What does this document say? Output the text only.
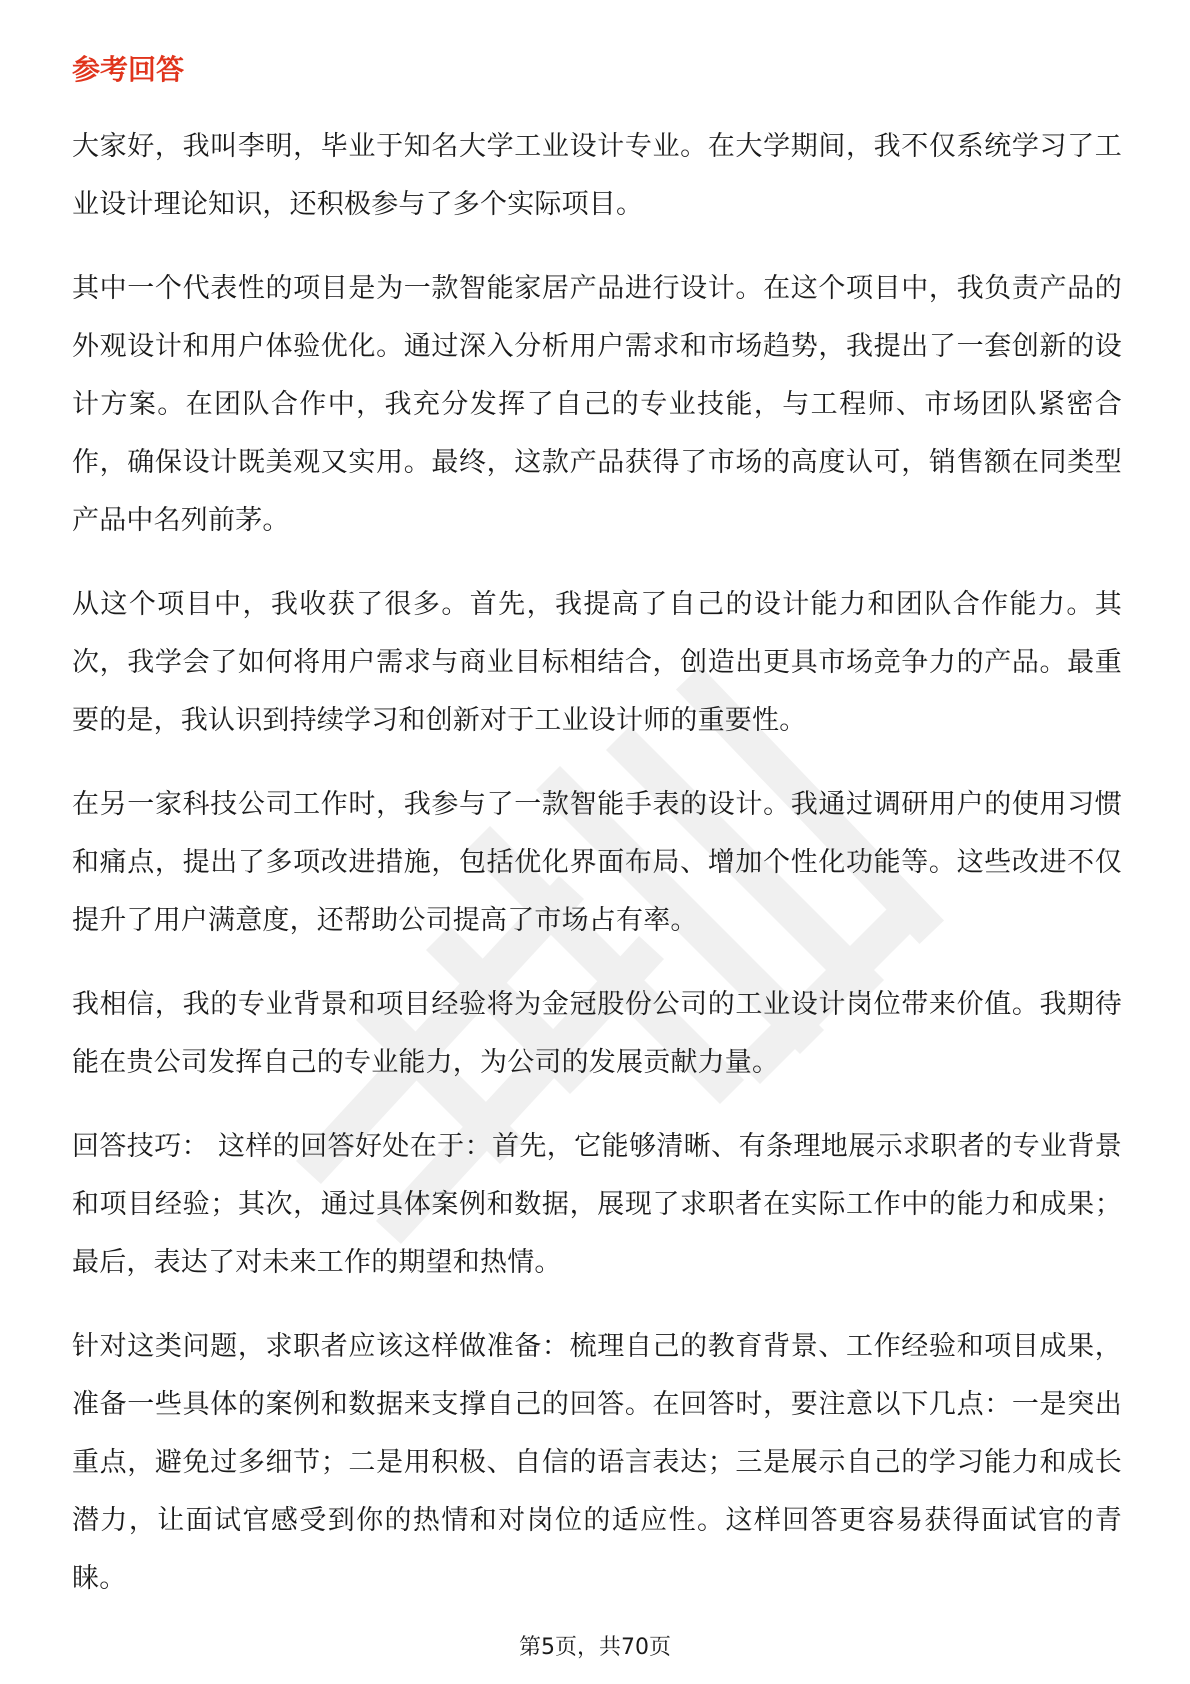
参考回答

大家好，我叫李明，毕业于知名大学工业设计专业。在大学期间，我不仅系统学习了工业设计理论知识，还积极参与了多个实际项目。

其中一个代表性的项目是为一款智能家居产品进行设计。在这个项目中，我负责产品的外观设计和用户体验优化。通过深入分析用户需求和市场趋势，我提出了一套创新的设计方案。在团队合作中，我充分发挥了自己的专业技能，与工程师、市场团队紧密合作，确保设计既美观又实用。最终，这款产品获得了市场的高度认可，销售额在同类型产品中名列前茅。

从这个项目中，我收获了很多。首先，我提高了自己的设计能力和团队合作能力。其次，我学会了如何将用户需求与商业目标相结合，创造出更具市场竞争力的产品。最重要的是，我认识到持续学习和创新对于工业设计师的重要性。

在另一家科技公司工作时，我参与了一款智能手表的设计。我通过调研用户的使用习惯和痛点，提出了多项改进措施，包括优化界面布局、增加个性化功能等。这些改进不仅提升了用户满意度，还帮助公司提高了市场占有率。

我相信，我的专业背景和项目经验将为金冠股份公司的工业设计岗位带来价值。我期待能在贵公司发挥自己的专业能力，为公司的发展贡献力量。

回答技巧： 这样的回答好处在于：首先，它能够清晰、有条理地展示求职者的专业背景和项目经验；其次，通过具体案例和数据，展现了求职者在实际工作中的能力和成果；最后，表达了对未来工作的期望和热情。

针对这类问题，求职者应该这样做准备：梳理自己的教育背景、工作经验和项目成果，准备一些具体的案例和数据来支撑自己的回答。在回答时，要注意以下几点：一是突出重点，避免过多细节；二是用积极、自信的语言表达；三是展示自己的学习能力和成长潜力，让面试官感受到你的热情和对岗位的适应性。这样回答更容易获得面试官的青睐。

第5页，共70页
